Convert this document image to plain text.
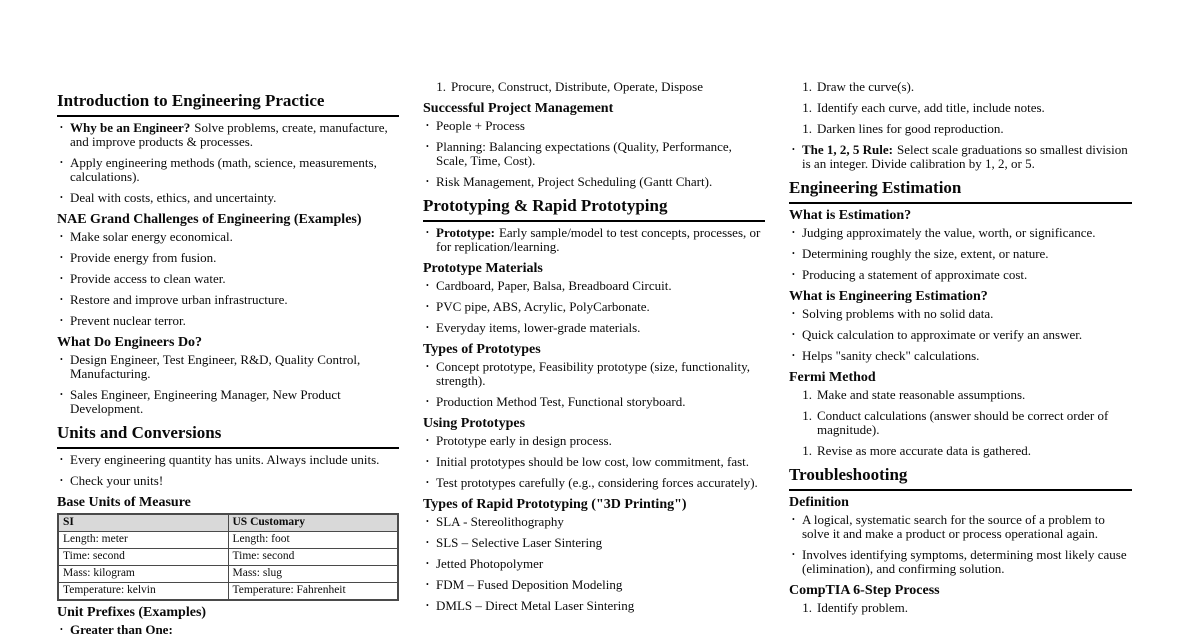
Introduction to Engineering Practice
• Why be an Engineer? Solve problems, create, manufacture, and improve products & processes.
• Apply engineering methods (math, science, measurements, calculations).
• Deal with costs, ethics, and uncertainty.
NAE Grand Challenges of Engineering (Examples)
• Make solar energy economical.
• Provide energy from fusion.
• Provide access to clean water.
• Restore and improve urban infrastructure.
• Prevent nuclear terror.
What Do Engineers Do?
• Design Engineer, Test Engineer, R&D, Quality Control, Manufacturing.
• Sales Engineer, Engineering Manager, New Product Development.
Units and Conversions
• Every engineering quantity has units. Always include units.
• Check your units!
Base Units of Measure
SI	US Customary
Length: meter	Length: foot
Time: second	Time: second
Mass: kilogram	Mass: slug
Temperature: kelvin	Temperature: Fahrenheit
Unit Prefixes (Examples)
• Greater than One:
1. Procure, Construct, Distribute, Operate, Dispose
Successful Project Management
• People + Process
• Planning: Balancing expectations (Quality, Performance, Scale, Time, Cost).
• Risk Management, Project Scheduling (Gantt Chart).
Prototyping & Rapid Prototyping
• Prototype: Early sample/model to test concepts, processes, or for replication/learning.
Prototype Materials
• Cardboard, Paper, Balsa, Breadboard Circuit.
• PVC pipe, ABS, Acrylic, PolyCarbonate.
• Everyday items, lower-grade materials.
Types of Prototypes
• Concept prototype, Feasibility prototype (size, functionality, strength).
• Production Method Test, Functional storyboard.
Using Prototypes
• Prototype early in design process.
• Initial prototypes should be low cost, low commitment, fast.
• Test prototypes carefully (e.g., considering forces accurately).
Types of Rapid Prototyping ("3D Printing")
• SLA - Stereolithography
• SLS – Selective Laser Sintering
• Jetted Photopolymer
• FDM – Fused Deposition Modeling
• DMLS – Direct Metal Laser Sintering
1. Draw the curve(s).
1. Identify each curve, add title, include notes.
1. Darken lines for good reproduction.
• The 1, 2, 5 Rule: Select scale graduations so smallest division is an integer. Divide calibration by 1, 2, or 5.
Engineering Estimation
What is Estimation?
• Judging approximately the value, worth, or significance.
• Determining roughly the size, extent, or nature.
• Producing a statement of approximate cost.
What is Engineering Estimation?
• Solving problems with no solid data.
• Quick calculation to approximate or verify an answer.
• Helps "sanity check" calculations.
Fermi Method
1. Make and state reasonable assumptions.
1. Conduct calculations (answer should be correct order of magnitude).
1. Revise as more accurate data is gathered.
Troubleshooting
Definition
• A logical, systematic search for the source of a problem to solve it and make a product or process operational again.
• Involves identifying symptoms, determining most likely cause (elimination), and confirming solution.
CompTIA 6-Step Process
1. Identify problem.
